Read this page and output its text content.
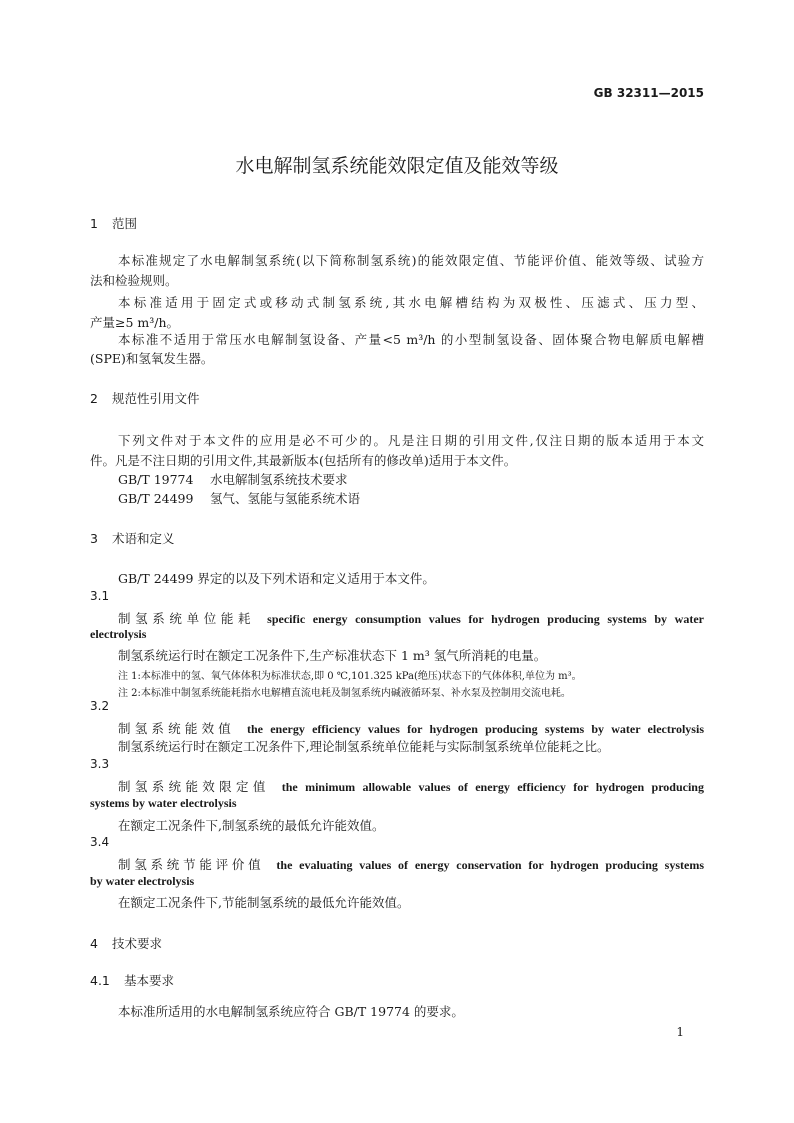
GB 32311—2015
水电解制氢系统能效限定值及能效等级
1 范围
本标准规定了水电解制氢系统(以下简称制氢系统)的能效限定值、节能评价值、能效等级、试验方
法和检验规则。
本标准适用于固定式或移动式制氢系统,其水电解槽结构为双极性、压滤式、压力型、
产量≥5 m³/h。
本标准不适用于常压水电解制氢设备、产量<5 m³/h 的小型制氢设备、固体聚合物电解质电解槽
(SPE)和氢氧发生器。
2 规范性引用文件
下列文件对于本文件的应用是必不可少的。凡是注日期的引用文件,仅注日期的版本适用于本文
件。凡是不注日期的引用文件,其最新版本(包括所有的修改单)适用于本文件。
GB/T 19774 水电解制氢系统技术要求
GB/T 24499 氢气、氢能与氢能系统术语
3 术语和定义
GB/T 24499 界定的以及下列术语和定义适用于本文件。
3.1
制氢系统单位能耗 specific energy consumption values for hydrogen producing systems by water
electrolysis
制氢系统运行时在额定工况条件下,生产标准状态下 1 m³ 氢气所消耗的电量。
注 1:本标准中的氢、氧气体体积为标准状态,即 0 ℃,101.325 kPa(绝压)状态下的气体体积,单位为 m³。
注 2:本标准中制氢系统能耗指水电解槽直流电耗及制氢系统内碱液循环泵、补水泵及控制用交流电耗。
3.2
制氢系统能效值 the energy efficiency values for hydrogen producing systems by water electrolysis
制氢系统运行时在额定工况条件下,理论制氢系统单位能耗与实际制氢系统单位能耗之比。
3.3
制氢系统能效限定值 the minimum allowable values of energy efficiency for hydrogen producing
systems by water electrolysis
在额定工况条件下,制氢系统的最低允许能效值。
3.4
制氢系统节能评价值 the evaluating values of energy conservation for hydrogen producing systems
by water electrolysis
在额定工况条件下,节能制氢系统的最低允许能效值。
4 技术要求
4.1 基本要求
本标准所适用的水电解制氢系统应符合 GB/T 19774 的要求。
1
